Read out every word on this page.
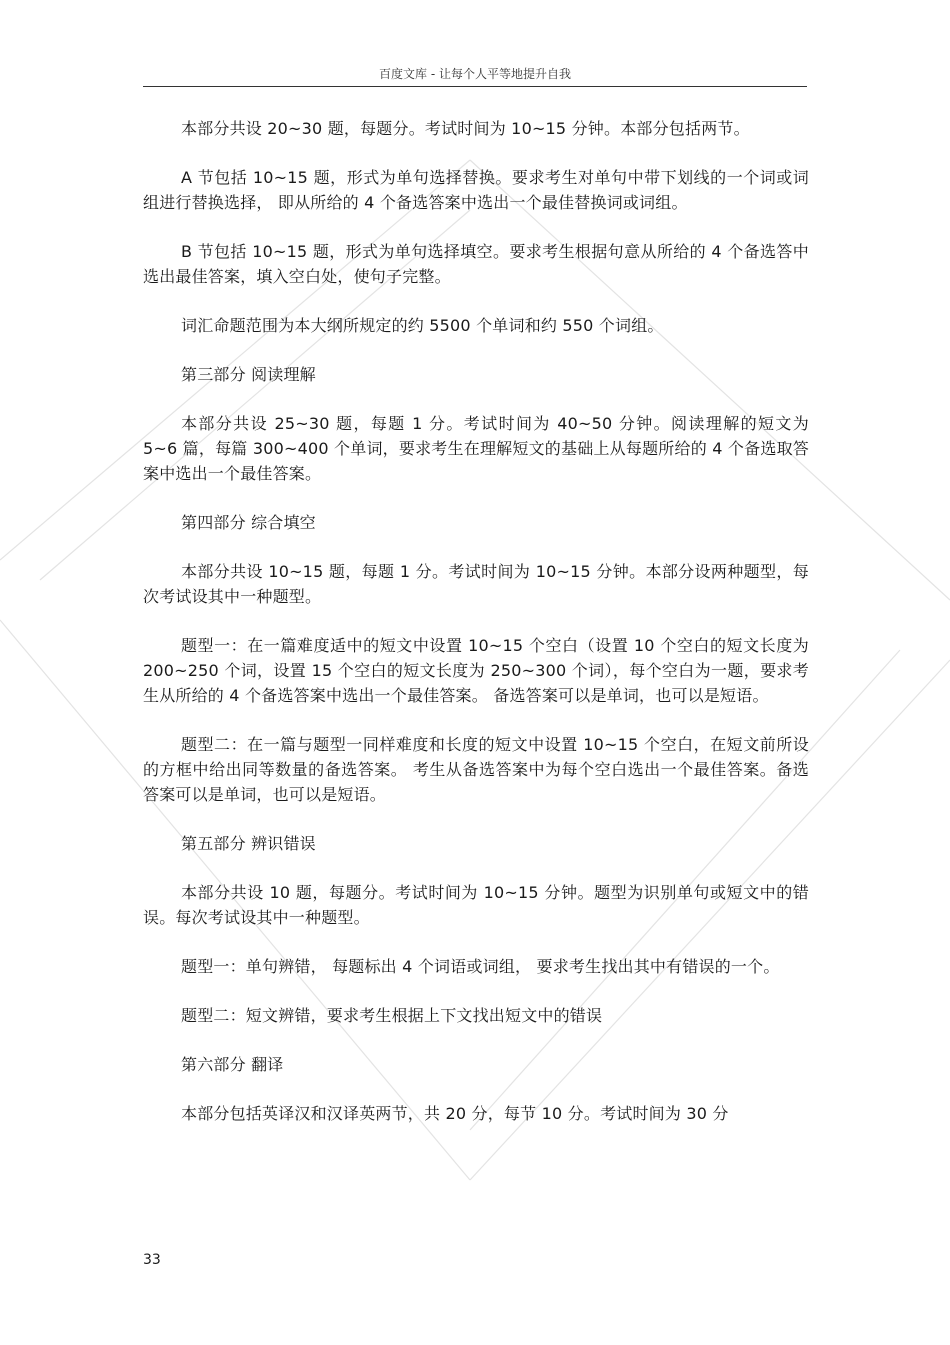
百度文库 - 让每个人平等地提升自我

本部分共设 20~30 题，每题分。考试时间为 10~15 分钟。本部分包括两节。

A 节包括 10~15 题，形式为单句选择替换。要求考生对单句中带下划线的一个词或词组进行替换选择， 即从所给的 4 个备选答案中选出一个最佳替换词或词组。

B 节包括 10~15 题，形式为单句选择填空。要求考生根据句意从所给的 4 个备选答中选出最佳答案，填入空白处，使句子完整。

词汇命题范围为本大纲所规定的约 5500 个单词和约 550 个词组。

第三部分 阅读理解

本部分共设 25~30 题，每题 1 分。考试时间为 40~50 分钟。阅读理解的短文为 5~6 篇，每篇 300~400 个单词，要求考生在理解短文的基础上从每题所给的 4 个备选取答案中选出一个最佳答案。

第四部分 综合填空

本部分共设 10~15 题，每题 1 分。考试时间为 10~15 分钟。本部分设两种题型，每次考试设其中一种题型。

题型一：在一篇难度适中的短文中设置 10~15 个空白（设置 10 个空白的短文长度为 200~250 个词，设置 15 个空白的短文长度为 250~300 个词），每个空白为一题，要求考生从所给的 4 个备选答案中选出一个最佳答案。 备选答案可以是单词，也可以是短语。

题型二：在一篇与题型一同样难度和长度的短文中设置 10~15 个空白，在短文前所设的方框中给出同等数量的备选答案。 考生从备选答案中为每个空白选出一个最佳答案。备选答案可以是单词，也可以是短语。

第五部分 辨识错误

本部分共设 10 题，每题分。考试时间为 10~15 分钟。题型为识别单句或短文中的错误。每次考试设其中一种题型。

题型一：单句辨错， 每题标出 4 个词语或词组， 要求考生找出其中有错误的一个。

题型二：短文辨错，要求考生根据上下文找出短文中的错误

第六部分 翻译

本部分包括英译汉和汉译英两节，共 20 分，每节 10 分。考试时间为 30 分

33
